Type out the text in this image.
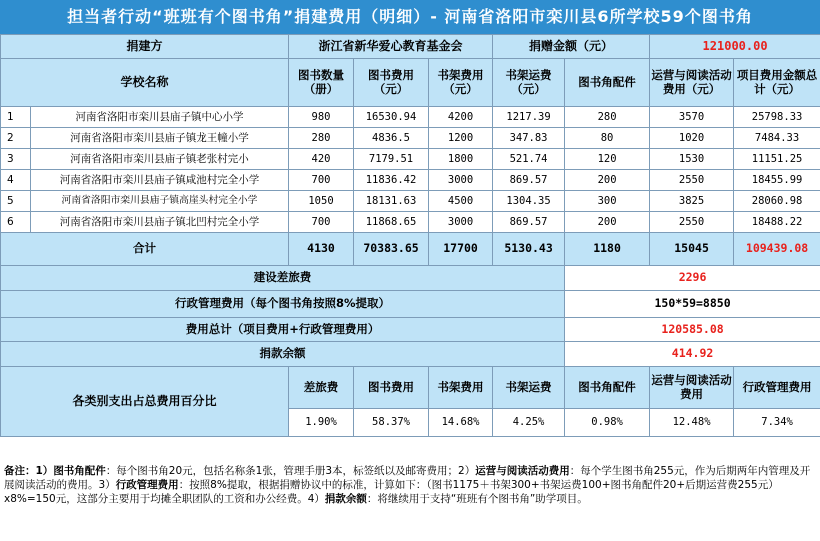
担当者行动“班班有个图书角”捐建费用（明细）- 河南省洛阳市栾川县6所学校59个图书角
捐建方		浙江省新华爱心教育基金会			捐赠金额（元）		121000.00	
学校名称		图书数量（册）	图书费用（元）	书架费用（元）	书架运费（元）	图书角配件	运营与阅读活动费用（元）	项目费用金额总计（元）
1	河南省洛阳市栾川县庙子镇中心小学	980	16530.94	4200	1217.39	280	3570	25798.33
2	河南省洛阳市栾川县庙子镇龙王幢小学	280	4836.5	1200	347.83	80	1020	7484.33
3	河南省洛阳市栾川县庙子镇老张村完小	420	7179.51	1800	521.74	120	1530	11151.25
4	河南省洛阳市栾川县庙子镇咸池村完全小学	700	11836.42	3000	869.57	200	2550	18455.99
5	河南省洛阳市栾川县庙子镇高崖头村完全小学	1050	18131.63	4500	1304.35	300	3825	28060.98
6	河南省洛阳市栾川县庙子镇北凹村完全小学	700	11868.65	3000	869.57	200	2550	18488.22
合计		4130	70383.65	17700	5130.43	1180	15045	109439.08
建设差旅费						2296		
行政管理费用（每个图书角按照8%提取）						150*59=8850		
费用总计（项目费用+行政管理费用）						120585.08		
捐款余额						414.92		
各类别支出占总费用百分比		差旅费	图书费用	书架费用	书架运费	图书角配件	运营与阅读活动费用	行政管理费用
		1.90%	58.37%	14.68%	4.25%	0.98%	12.48%	7.34%
备注：1）图书角配件：每个图书角20元，包括名称条1张，管理手册3本，标签纸以及邮寄费用；2）运营与阅读活动费用：每个学生图书角255元，作为后期两年内管理及开展阅读活动的费用。3）行政管理费用：按照8%提取，根据捐赠协议中的标准，计算如下：（图书1175＋书架300+书架运费100+图书角配件20+后期运营费255元）x8%=150元，这部分主要用于均摊全职团队的工资和办公经费。4）捐款余额：将继续用于支持“班班有个图书角”助学项目。
